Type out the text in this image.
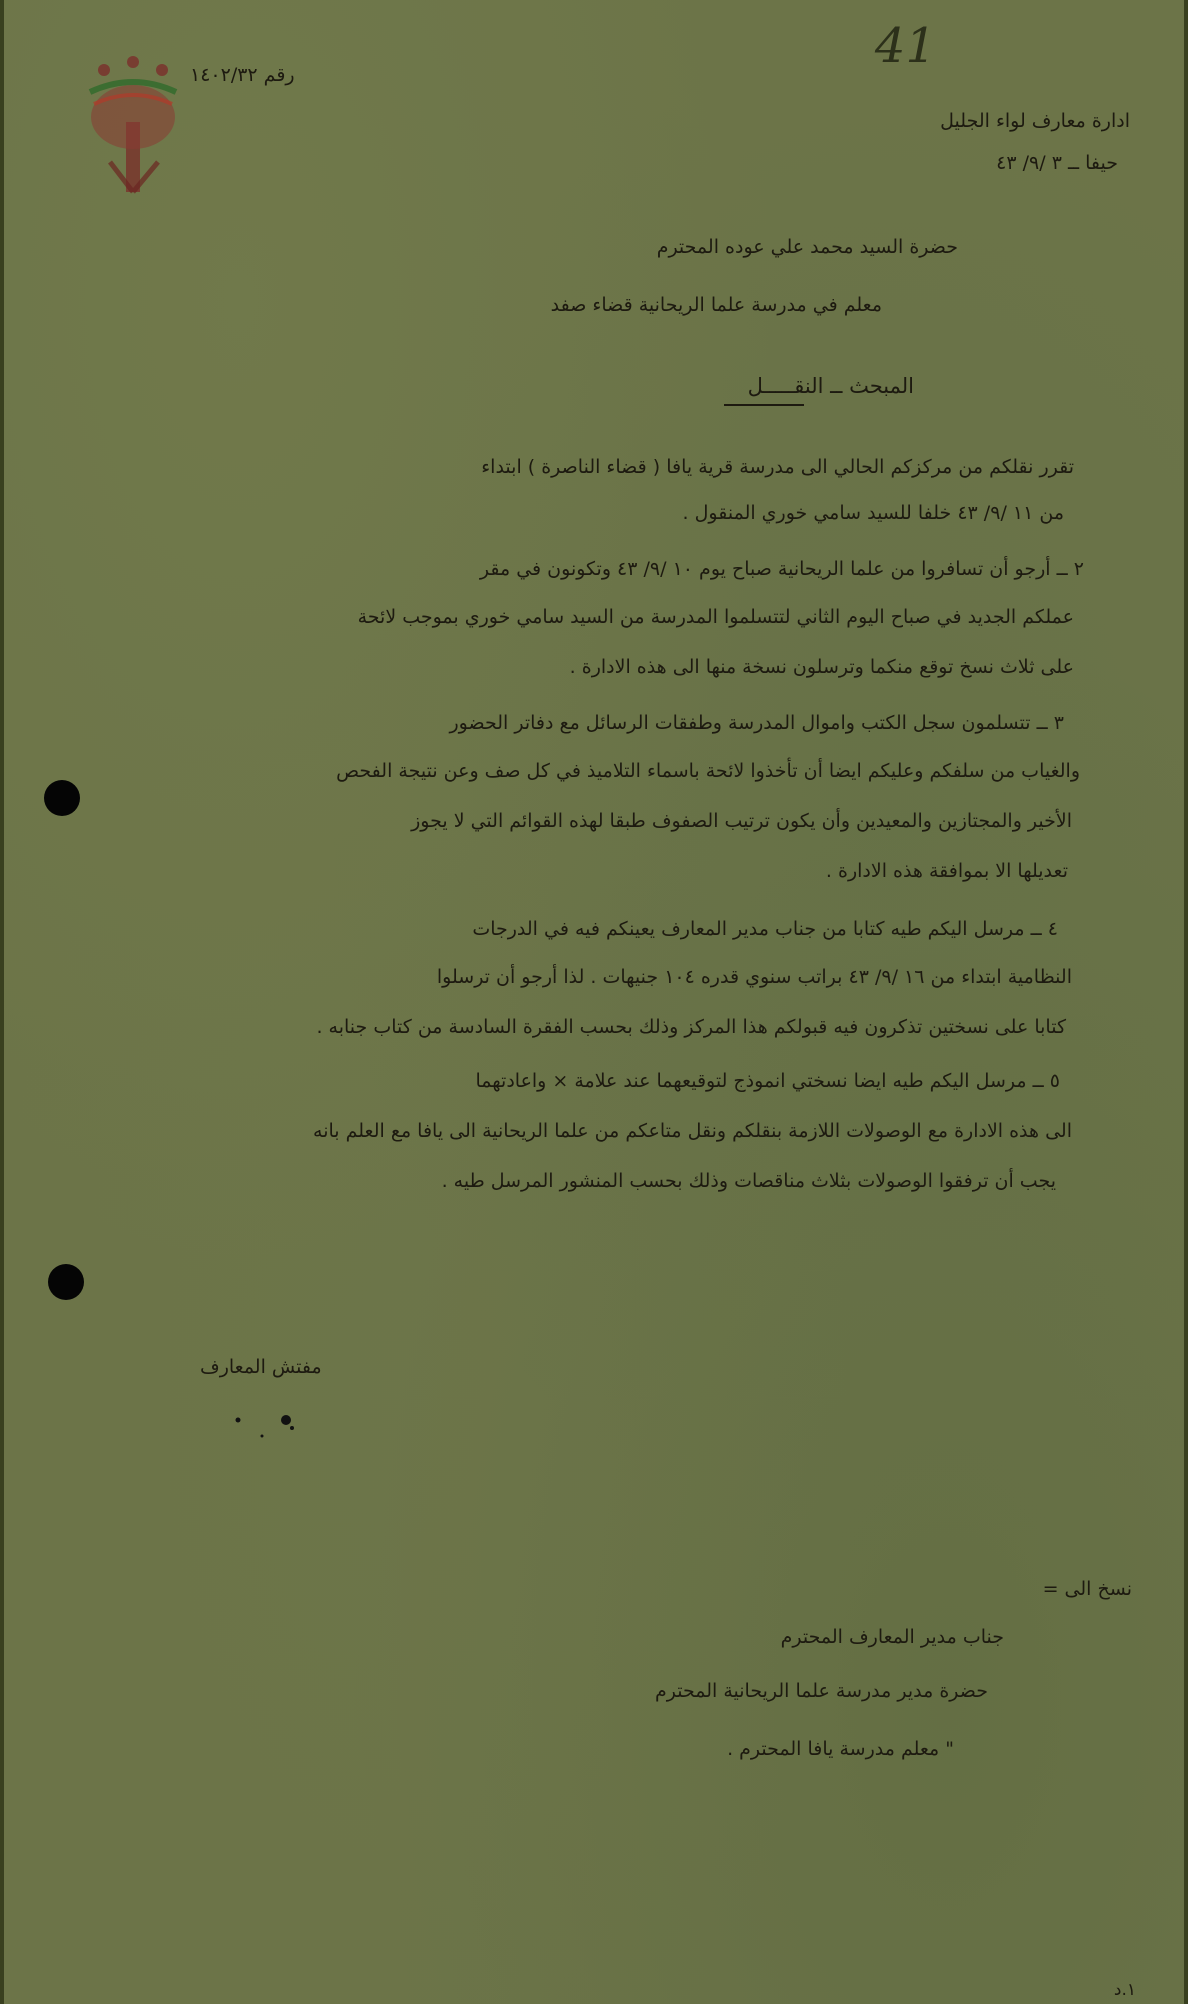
41
رقم ١٤٠٢/٣٢
ادارة معارف لواء الجليل
حيفا ــ ٣ /٩/ ٤٣
حضرة السيد محمد علي عوده المحترم
معلم في مدرسة علما الريحانية قضاء صفد
المبحث ــ النقـــــل
تقرر نقلكم من مركزكم الحالي الى مدرسة قرية يافا ( قضاء الناصرة ) ابتداء
من ١١ /٩/ ٤٣ خلفا للسيد سامي خوري المنقول .
٢ ــ أرجو أن تسافروا من علما الريحانية صباح يوم ١٠ /٩/ ٤٣ وتكونون في مقر
عملكم الجديد في صباح اليوم الثاني لتتسلموا المدرسة من السيد سامي خوري بموجب لائحة
على ثلاث نسخ توقع منكما وترسلون نسخة منها الى هذه الادارة .
٣ ــ تتسلمون سجل الكتب واموال المدرسة وطفقات الرسائل مع دفاتر الحضور
والغياب من سلفكم وعليكم ايضا أن تأخذوا لائحة باسماء التلاميذ في كل صف وعن نتيجة الفحص
الأخير والمجتازين والمعيدين وأن يكون ترتيب الصفوف طبقا لهذه القوائم التي لا يجوز
تعديلها الا بموافقة هذه الادارة .
٤ ــ مرسل اليكم طيه كتابا من جناب مدير المعارف يعينكم فيه في الدرجات
النظامية ابتداء من ١٦ /٩/ ٤٣ براتب سنوي قدره ١٠٤ جنيهات . لذا أرجو أن ترسلوا
كتابا على نسختين تذكرون فيه قبولكم هذا المركز وذلك بحسب الفقرة السادسة من كتاب جنابه .
٥ ــ مرسل اليكم طيه ايضا نسختي انموذج لتوقيعهما عند علامة × واعادتهما
الى هذه الادارة مع الوصولات اللازمة بنقلكم ونقل متاعكم من علما الريحانية الى يافا مع العلم بانه
يجب أن ترفقوا الوصولات بثلاث مناقصات وذلك بحسب المنشور المرسل طيه .
مفتش المعارف
نسخ الى =
جناب مدير المعارف المحترم
حضرة مدير مدرسة علما الريحانية المحترم
" معلم مدرسة يافا المحترم .
١.د
